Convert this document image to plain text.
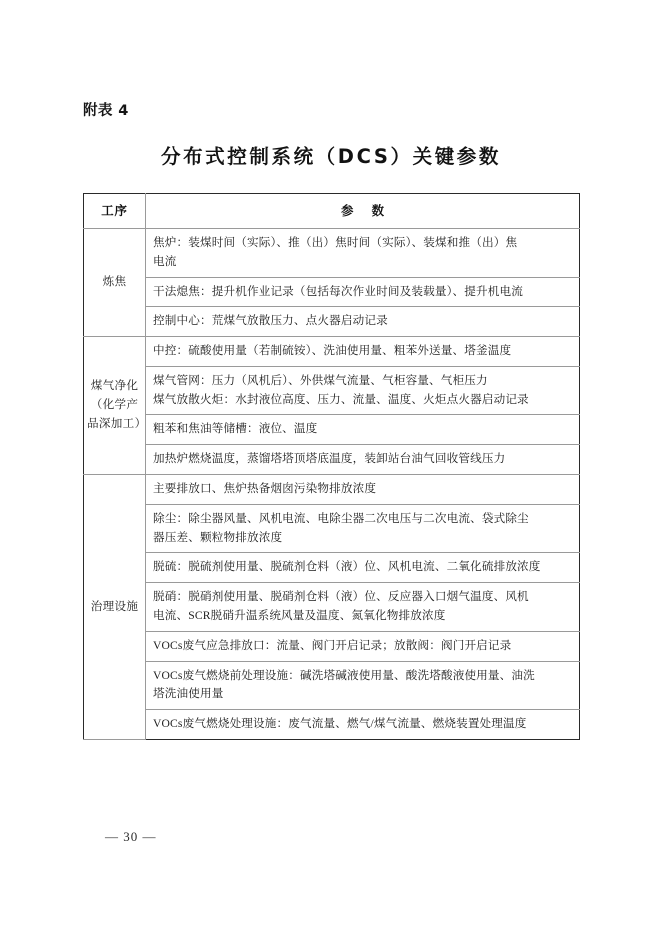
附表 4
分布式控制系统（DCS）关键参数
工序	参 数

炼焦	焦炉：装煤时间（实际）、推（出）焦时间（实际）、装煤和推（出）焦
电流

	干法熄焦：提升机作业记录（包括每次作业时间及装载量）、提升机电流

	控制中心：荒煤气放散压力、点火器启动记录

煤气净化
（化学产
品深加工）	中控：硫酸使用量（若制硫铵）、洗油使用量、粗苯外送量、塔釜温度

	煤气管网：压力（风机后）、外供煤气流量、气柜容量、气柜压力
煤气放散火炬：水封液位高度、压力、流量、温度、火炬点火器启动记录

	粗苯和焦油等储槽：液位、温度

	加热炉燃烧温度，蒸馏塔塔顶塔底温度，装卸站台油气回收管线压力

治理设施	主要排放口、焦炉热备烟囱污染物排放浓度

	除尘：除尘器风量、风机电流、电除尘器二次电压与二次电流、袋式除尘
器压差、颗粒物排放浓度

	脱硫：脱硫剂使用量、脱硫剂仓料（液）位、风机电流、二氧化硫排放浓度

	脱硝：脱硝剂使用量、脱硝剂仓料（液）位、反应器入口烟气温度、风机
电流、SCR脱硝升温系统风量及温度、氮氧化物排放浓度

	VOCs废气应急排放口：流量、阀门开启记录；放散阀：阀门开启记录

	VOCs废气燃烧前处理设施：碱洗塔碱液使用量、酸洗塔酸液使用量、油洗
塔洗油使用量

	VOCs废气燃烧处理设施：废气流量、燃气/煤气流量、燃烧装置处理温度
— 30 —
